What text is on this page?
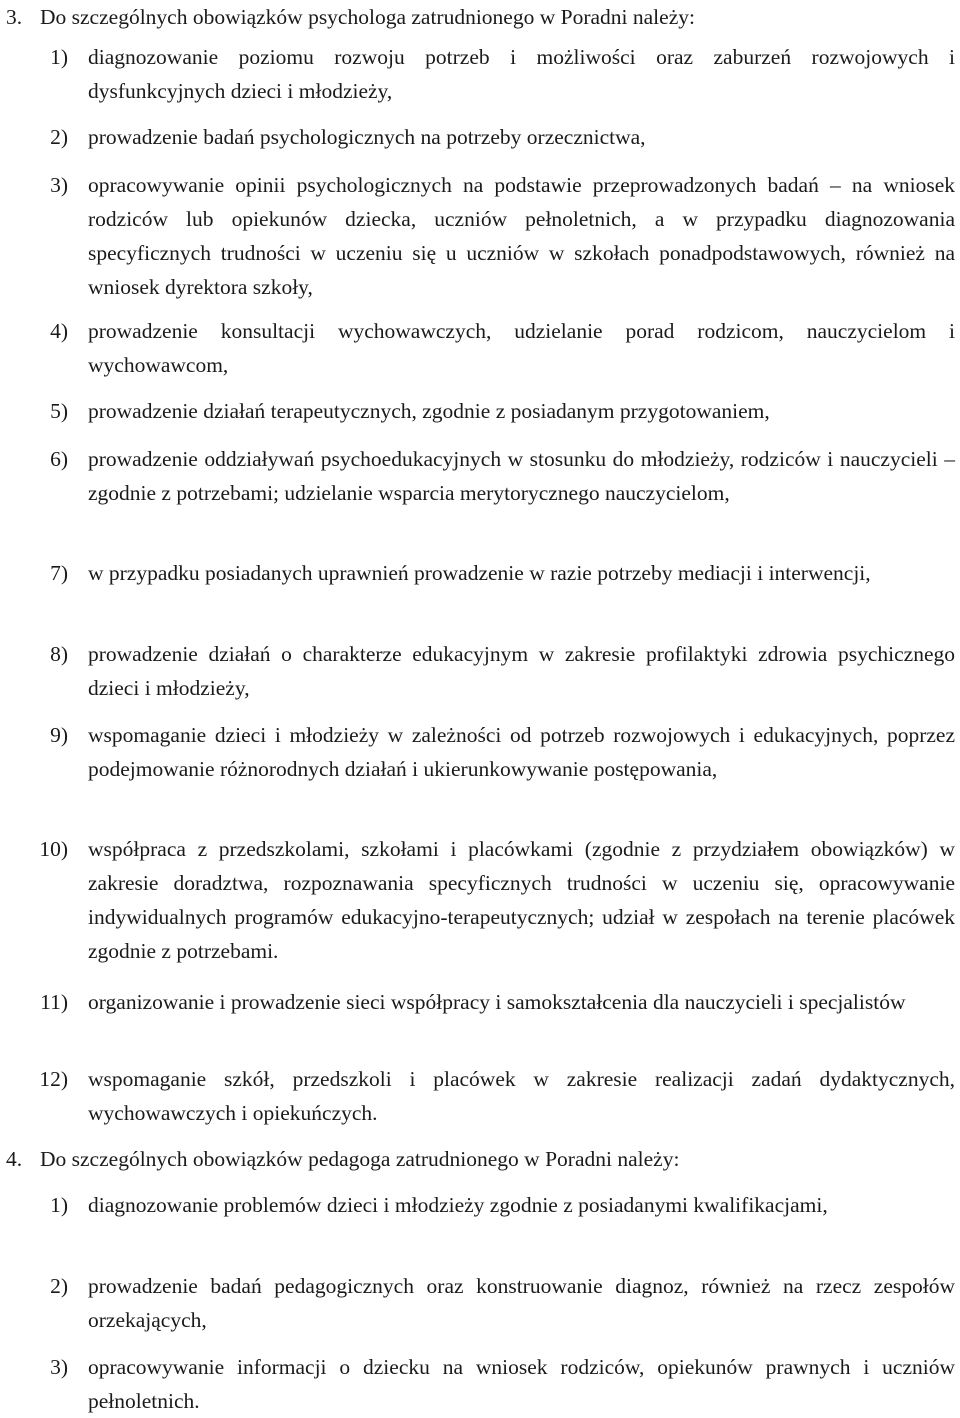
3. Do szczególnych obowiązków psychologa zatrudnionego w Poradni należy:
1) diagnozowanie poziomu rozwoju potrzeb i możliwości oraz zaburzeń rozwojowych i dysfunkcyjnych dzieci i młodzieży,
2) prowadzenie badań psychologicznych na potrzeby orzecznictwa,
3) opracowywanie opinii psychologicznych na podstawie przeprowadzonych badań – na wniosek rodziców lub opiekunów dziecka, uczniów pełnoletnich, a w przypadku diagnozowania specyficznych trudności w uczeniu się u uczniów w szkołach ponadpodstawowych, również na wniosek dyrektora szkoły,
4) prowadzenie konsultacji wychowawczych, udzielanie porad rodzicom, nauczycielom i wychowawcom,
5) prowadzenie działań terapeutycznych, zgodnie z posiadanym przygotowaniem,
6) prowadzenie oddziaływań psychoedukacyjnych w stosunku do młodzieży, rodziców i nauczycieli – zgodnie z potrzebami; udzielanie wsparcia merytorycznego nauczycielom,
7) w przypadku posiadanych uprawnień prowadzenie w razie potrzeby mediacji i interwencji,
8) prowadzenie działań o charakterze edukacyjnym w zakresie profilaktyki zdrowia psychicznego dzieci i młodzieży,
9) wspomaganie dzieci i młodzieży w zależności od potrzeb rozwojowych i edukacyjnych, poprzez podejmowanie różnorodnych działań i ukierunkowywanie postępowania,
10) współpraca z przedszkolami, szkołami i placówkami (zgodnie z przydziałem obowiązków) w zakresie doradztwa, rozpoznawania specyficznych trudności w uczeniu się, opracowywanie indywidualnych programów edukacyjno-terapeutycznych; udział w zespołach na terenie placówek zgodnie z potrzebami.
11) organizowanie i prowadzenie sieci współpracy i samokształcenia dla nauczycieli i specjalistów
12) wspomaganie szkół, przedszkoli i placówek w zakresie realizacji zadań dydaktycznych, wychowawczych i opiekuńczych.
4. Do szczególnych obowiązków pedagoga zatrudnionego w Poradni należy:
1) diagnozowanie problemów dzieci i młodzieży zgodnie z posiadanymi kwalifikacjami,
2) prowadzenie badań pedagogicznych oraz konstruowanie diagnoz, również na rzecz zespołów orzekających,
3) opracowywanie informacji o dziecku na wniosek rodziców, opiekunów prawnych i uczniów pełnoletnich.
